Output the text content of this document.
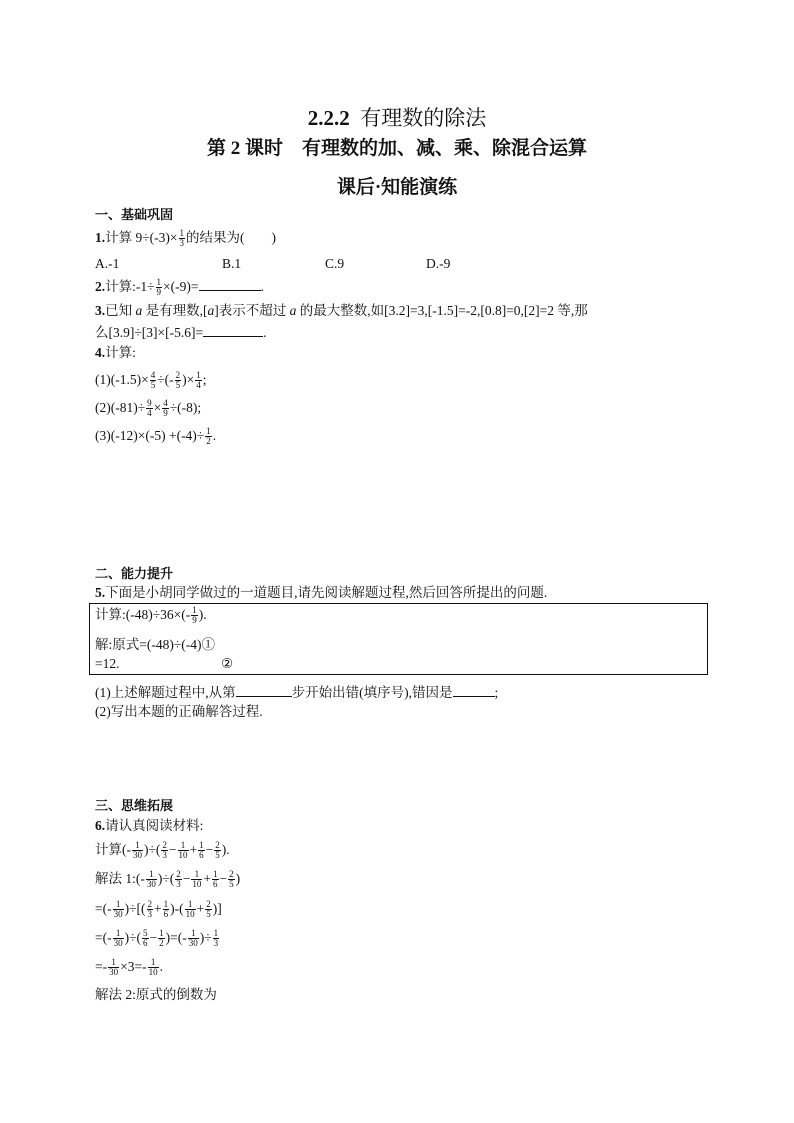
2.2.2 有理数的除法
第 2 课时    有理数的加、减、乘、除混合运算
课后·知能演练
一、基础巩固
1.计算 $9\div(-3)\times \frac{1}{3}$ 的结果为(　　)
A.-1	B.1	C.9	D.-9
2.计算:-1÷ $\frac{1}{9} \times(-9)=$	.
3.已知 a 是有理数,[a]表示不超过 a 的最大整数,如[3.2]=3,[-1.5]=-2,[0.8]=0,[2]=2 等,那
么[3.9]÷[3]×[-5.6]=	.
4.计算:
$(1)(-1.5)\times \frac{4}{5}$ ÷(- $\frac{2}{5}$ )× $\frac{1}{4}$ ;
$(2)(-81)\div \frac{9}{4} \times \frac{4}{9} \div(-8)$;
$(3)(-12)\times(-5) +(-4)\div \frac{1}{2}$ .
二、能力提升
5.下面是小胡同学做过的一道题目,请先阅读解题过程,然后回答所提出的问题.
计算:(-48)÷36×(- $\frac{1}{9}$ ).
解:原式=(-48)÷(-4)①
=12.	②
(1)上述解题过程中,从第	步开始出错(填序号),错因是	;
(2)写出本题的正确解答过程.
三、思维拓展
6.请认真阅读材料:
计算(- $\frac{1}{30}$ )÷( $\frac{2}{3} - \frac{1}{10} + \frac{1}{6} - \frac{2}{5}$ ).
解法 1:(- $\frac{1}{30}$ )÷( $\frac{2}{3} - \frac{1}{10} + \frac{1}{6} - \frac{2}{5}$ )
=(- $\frac{1}{30}$ )÷[( $\frac{2}{3} + \frac{1}{6}$ )-( $\frac{1}{10} + \frac{2}{5}$ )]
=(- $\frac{1}{30}$ )÷( $\frac{5}{6} - \frac{1}{2}$ )=(- $\frac{1}{30}$ )÷ $\frac{1}{3}$
=- $\frac{1}{30} \times 3=- \frac{1}{10}$ .
解法 2:原式的倒数为
